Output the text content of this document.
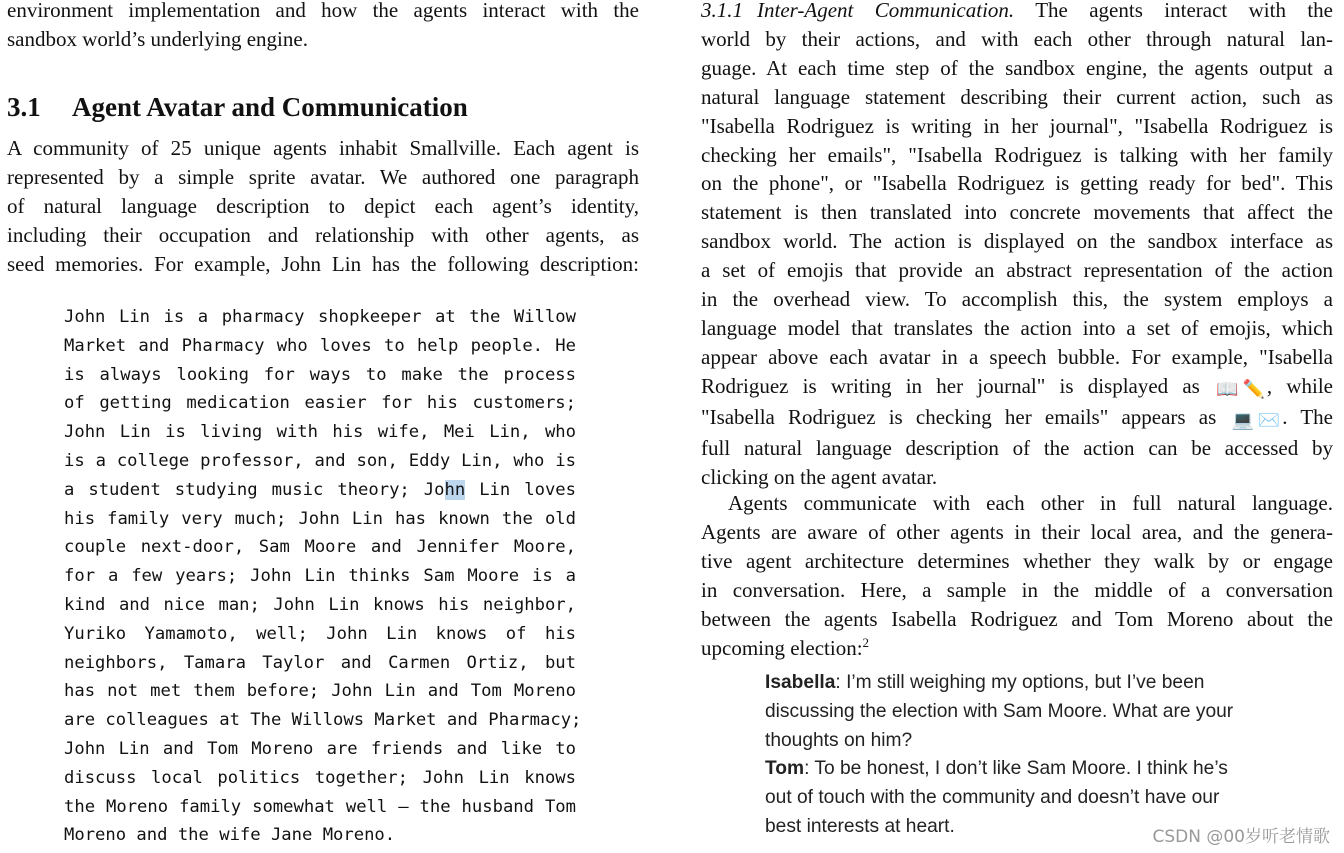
environment implementation and how the agents interact with the
sandbox world’s underlying engine.
3.1 Agent Avatar and Communication
A community of 25 unique agents inhabit Smallville. Each agent is
represented by a simple sprite avatar. We authored one paragraph
of natural language description to depict each agent’s identity,
including their occupation and relationship with other agents, as
seed memories. For example, John Lin has the following description:
John Lin is a pharmacy shopkeeper at the Willow
Market and Pharmacy who loves to help people. He
is always looking for ways to make the process
of getting medication easier for his customers;
John Lin is living with his wife, Mei Lin, who
is a college professor, and son, Eddy Lin, who is
a student studying music theory; John Lin loves
his family very much; John Lin has known the old
couple next-door, Sam Moore and Jennifer Moore,
for a few years; John Lin thinks Sam Moore is a
kind and nice man; John Lin knows his neighbor,
Yuriko Yamamoto, well; John Lin knows of his
neighbors, Tamara Taylor and Carmen Ortiz, but
has not met them before; John Lin and Tom Moreno
are colleagues at The Willows Market and Pharmacy;
John Lin and Tom Moreno are friends and like to
discuss local politics together; John Lin knows
the Moreno family somewhat well — the husband Tom
Moreno and the wife Jane Moreno.
3.1.1 Inter-Agent Communication. The agents interact with the
world by their actions, and with each other through natural lan-
guage. At each time step of the sandbox engine, the agents output a
natural language statement describing their current action, such as
"Isabella Rodriguez is writing in her journal", "Isabella Rodriguez is
checking her emails", "Isabella Rodriguez is talking with her family
on the phone", or "Isabella Rodriguez is getting ready for bed". This
statement is then translated into concrete movements that affect the
sandbox world. The action is displayed on the sandbox interface as
a set of emojis that provide an abstract representation of the action
in the overhead view. To accomplish this, the system employs a
language model that translates the action into a set of emojis, which
appear above each avatar in a speech bubble. For example, "Isabella
Rodriguez is writing in her journal" is displayed as 📖 ✏️, while
"Isabella Rodriguez is checking her emails" appears as 💻 ✉️. The
full natural language description of the action can be accessed by
clicking on the agent avatar.
Agents communicate with each other in full natural language.
Agents are aware of other agents in their local area, and the genera-
tive agent architecture determines whether they walk by or engage
in conversation. Here, a sample in the middle of a conversation
between the agents Isabella Rodriguez and Tom Moreno about the
upcoming election:$^2$
Isabella: I’m still weighing my options, but I’ve been
discussing the election with Sam Moore. What are your
thoughts on him?
Tom: To be honest, I don’t like Sam Moore. I think he’s
out of touch with the community and doesn’t have our
best interests at heart.
CSDN @00岁听老情歌
